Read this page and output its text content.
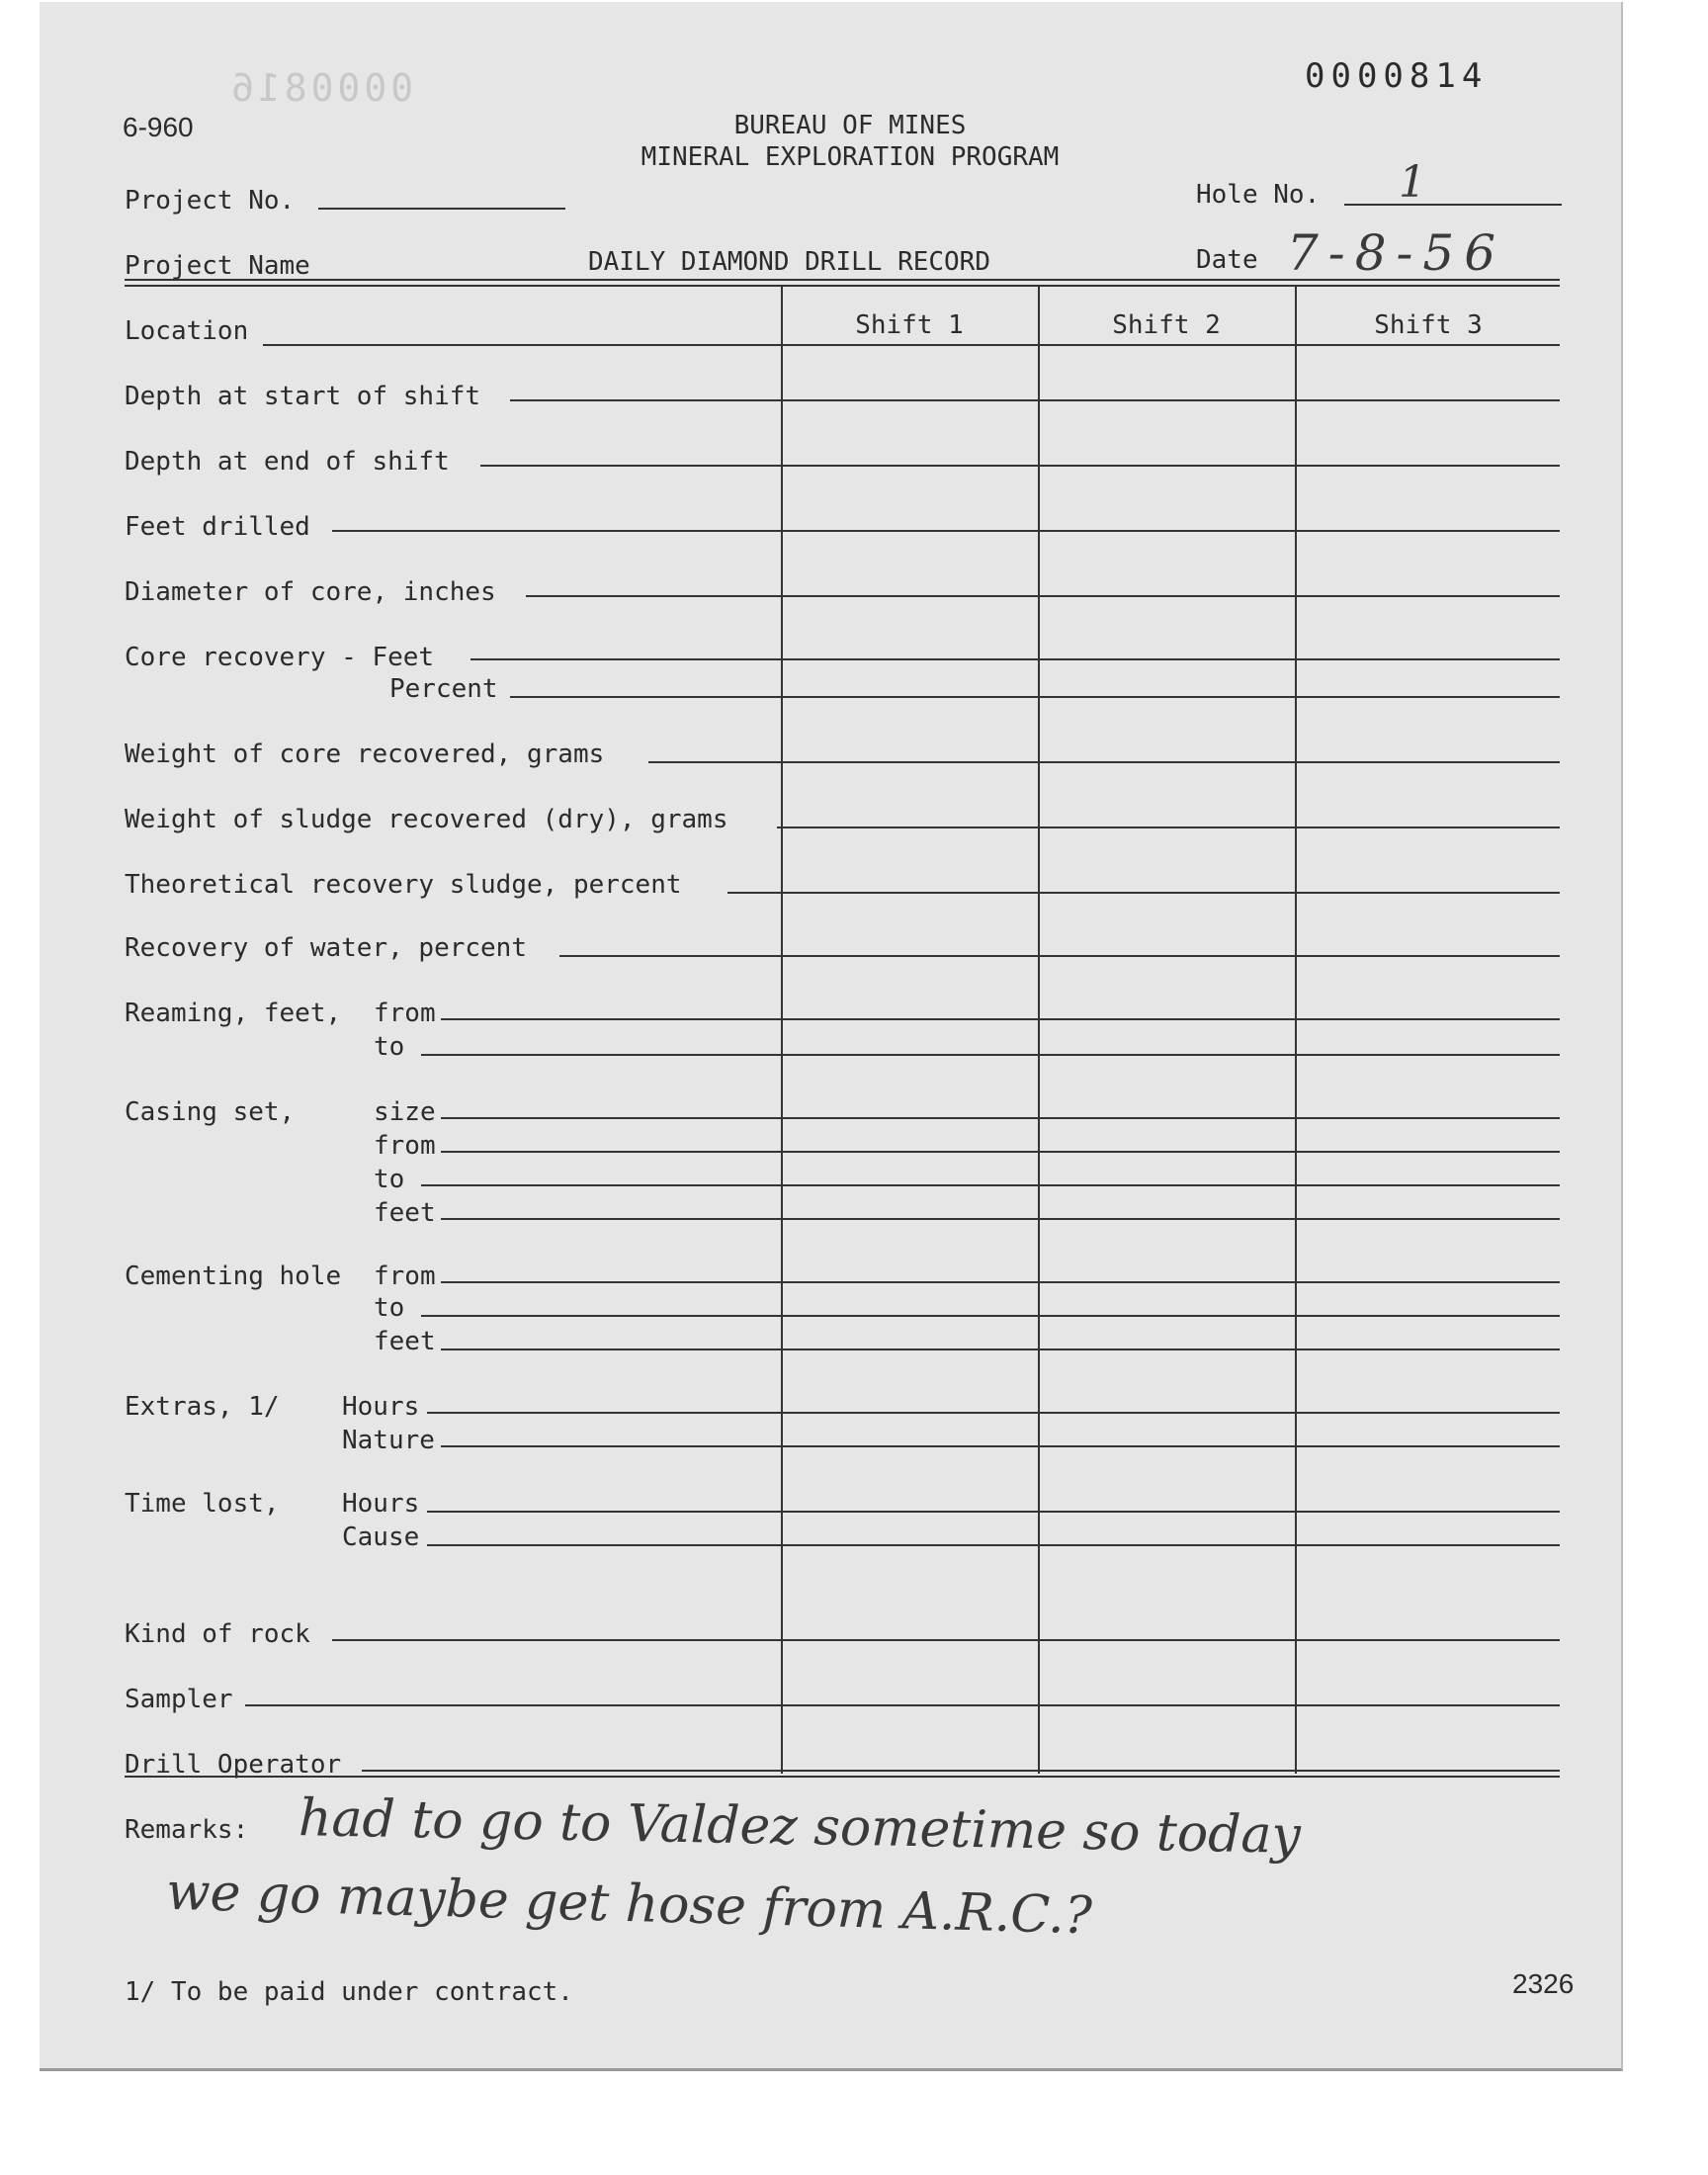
0000816
6-960
0000814
BUREAU OF MINES
MINERAL EXPLORATION PROGRAM
Project No.	Hole No. 1
Project Name	DAILY DIAMOND DRILL RECORD	Date 7-8-56
Shift 1	Shift 2	Shift 3
Location
Depth at start of shift
Depth at end of shift
Feet drilled
Diameter of core, inches
Core recovery - Feet
Percent
Weight of core recovered, grams
Weight of sludge recovered (dry), grams
Theoretical recovery sludge, percent
Recovery of water, percent
Reaming, feet, from
to
Casing set,	size
from
to
feet
Cementing hole from
to
feet
Extras, 1/ Hours
Nature
Time lost, Hours
Cause
Kind of rock
Sampler
Drill Operator
Remarks: had to go to Valdez sometime so today
we go maybe get hose from A.R.C.?
1/ To be paid under contract.	2326
